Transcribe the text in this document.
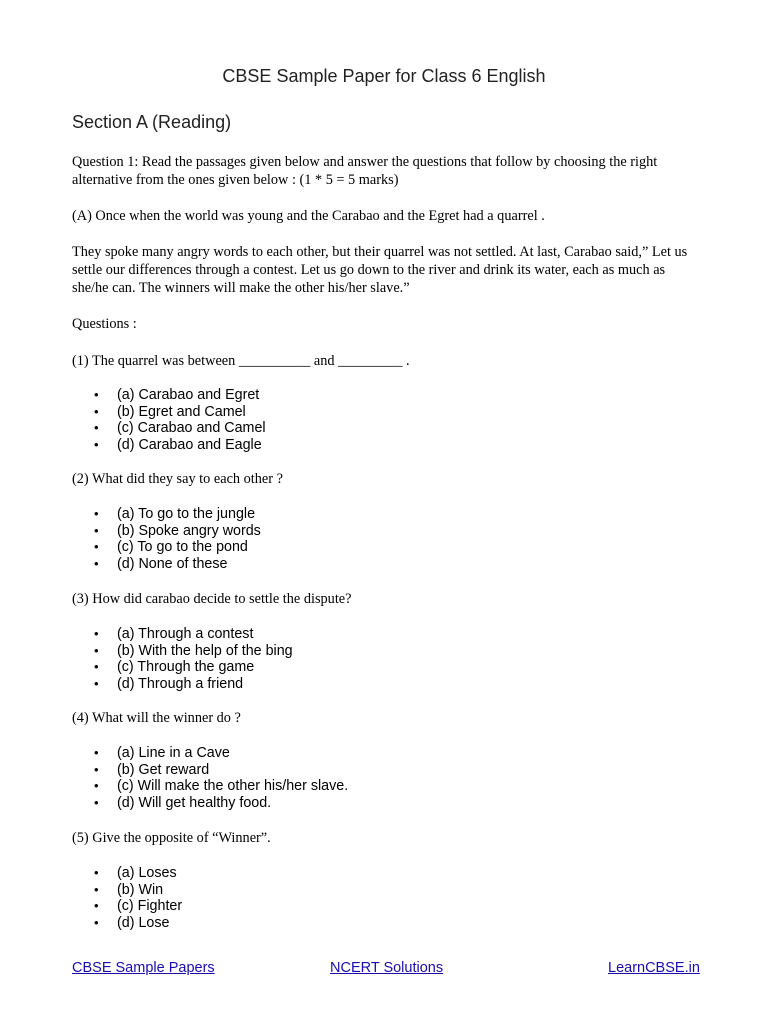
CBSE Sample Paper for Class 6 English
Section A (Reading)
Question 1: Read the passages given below and answer the questions that follow by choosing the right alternative from the ones given below : (1 * 5 = 5 marks)
(A) Once when the world was young and the Carabao and the Egret had a quarrel .
They spoke many angry words to each other, but their quarrel was not settled. At last, Carabao said,” Let us settle our differences through a contest. Let us go down to the river and drink its water, each as much as she/he can. The winners will make the other his/her slave.”
Questions :
(1) The quarrel was between __________ and _________ .
• (a) Carabao and Egret
• (b) Egret and Camel
• (c) Carabao and Camel
• (d) Carabao and Eagle
(2) What did they say to each other ?
• (a) To go to the jungle
• (b) Spoke angry words
• (c) To go to the pond
• (d) None of these
(3) How did carabao decide to settle the dispute?
• (a) Through a contest
• (b) With the help of the bing
• (c) Through the game
• (d) Through a friend
(4) What will the winner do ?
• (a) Line in a Cave
• (b) Get reward
• (c) Will make the other his/her slave.
• (d) Will get healthy food.
(5) Give the opposite of “Winner”.
• (a) Loses
• (b) Win
• (c) Fighter
• (d) Lose
CBSE Sample Papers	NCERT Solutions	LearnCBSE.in
